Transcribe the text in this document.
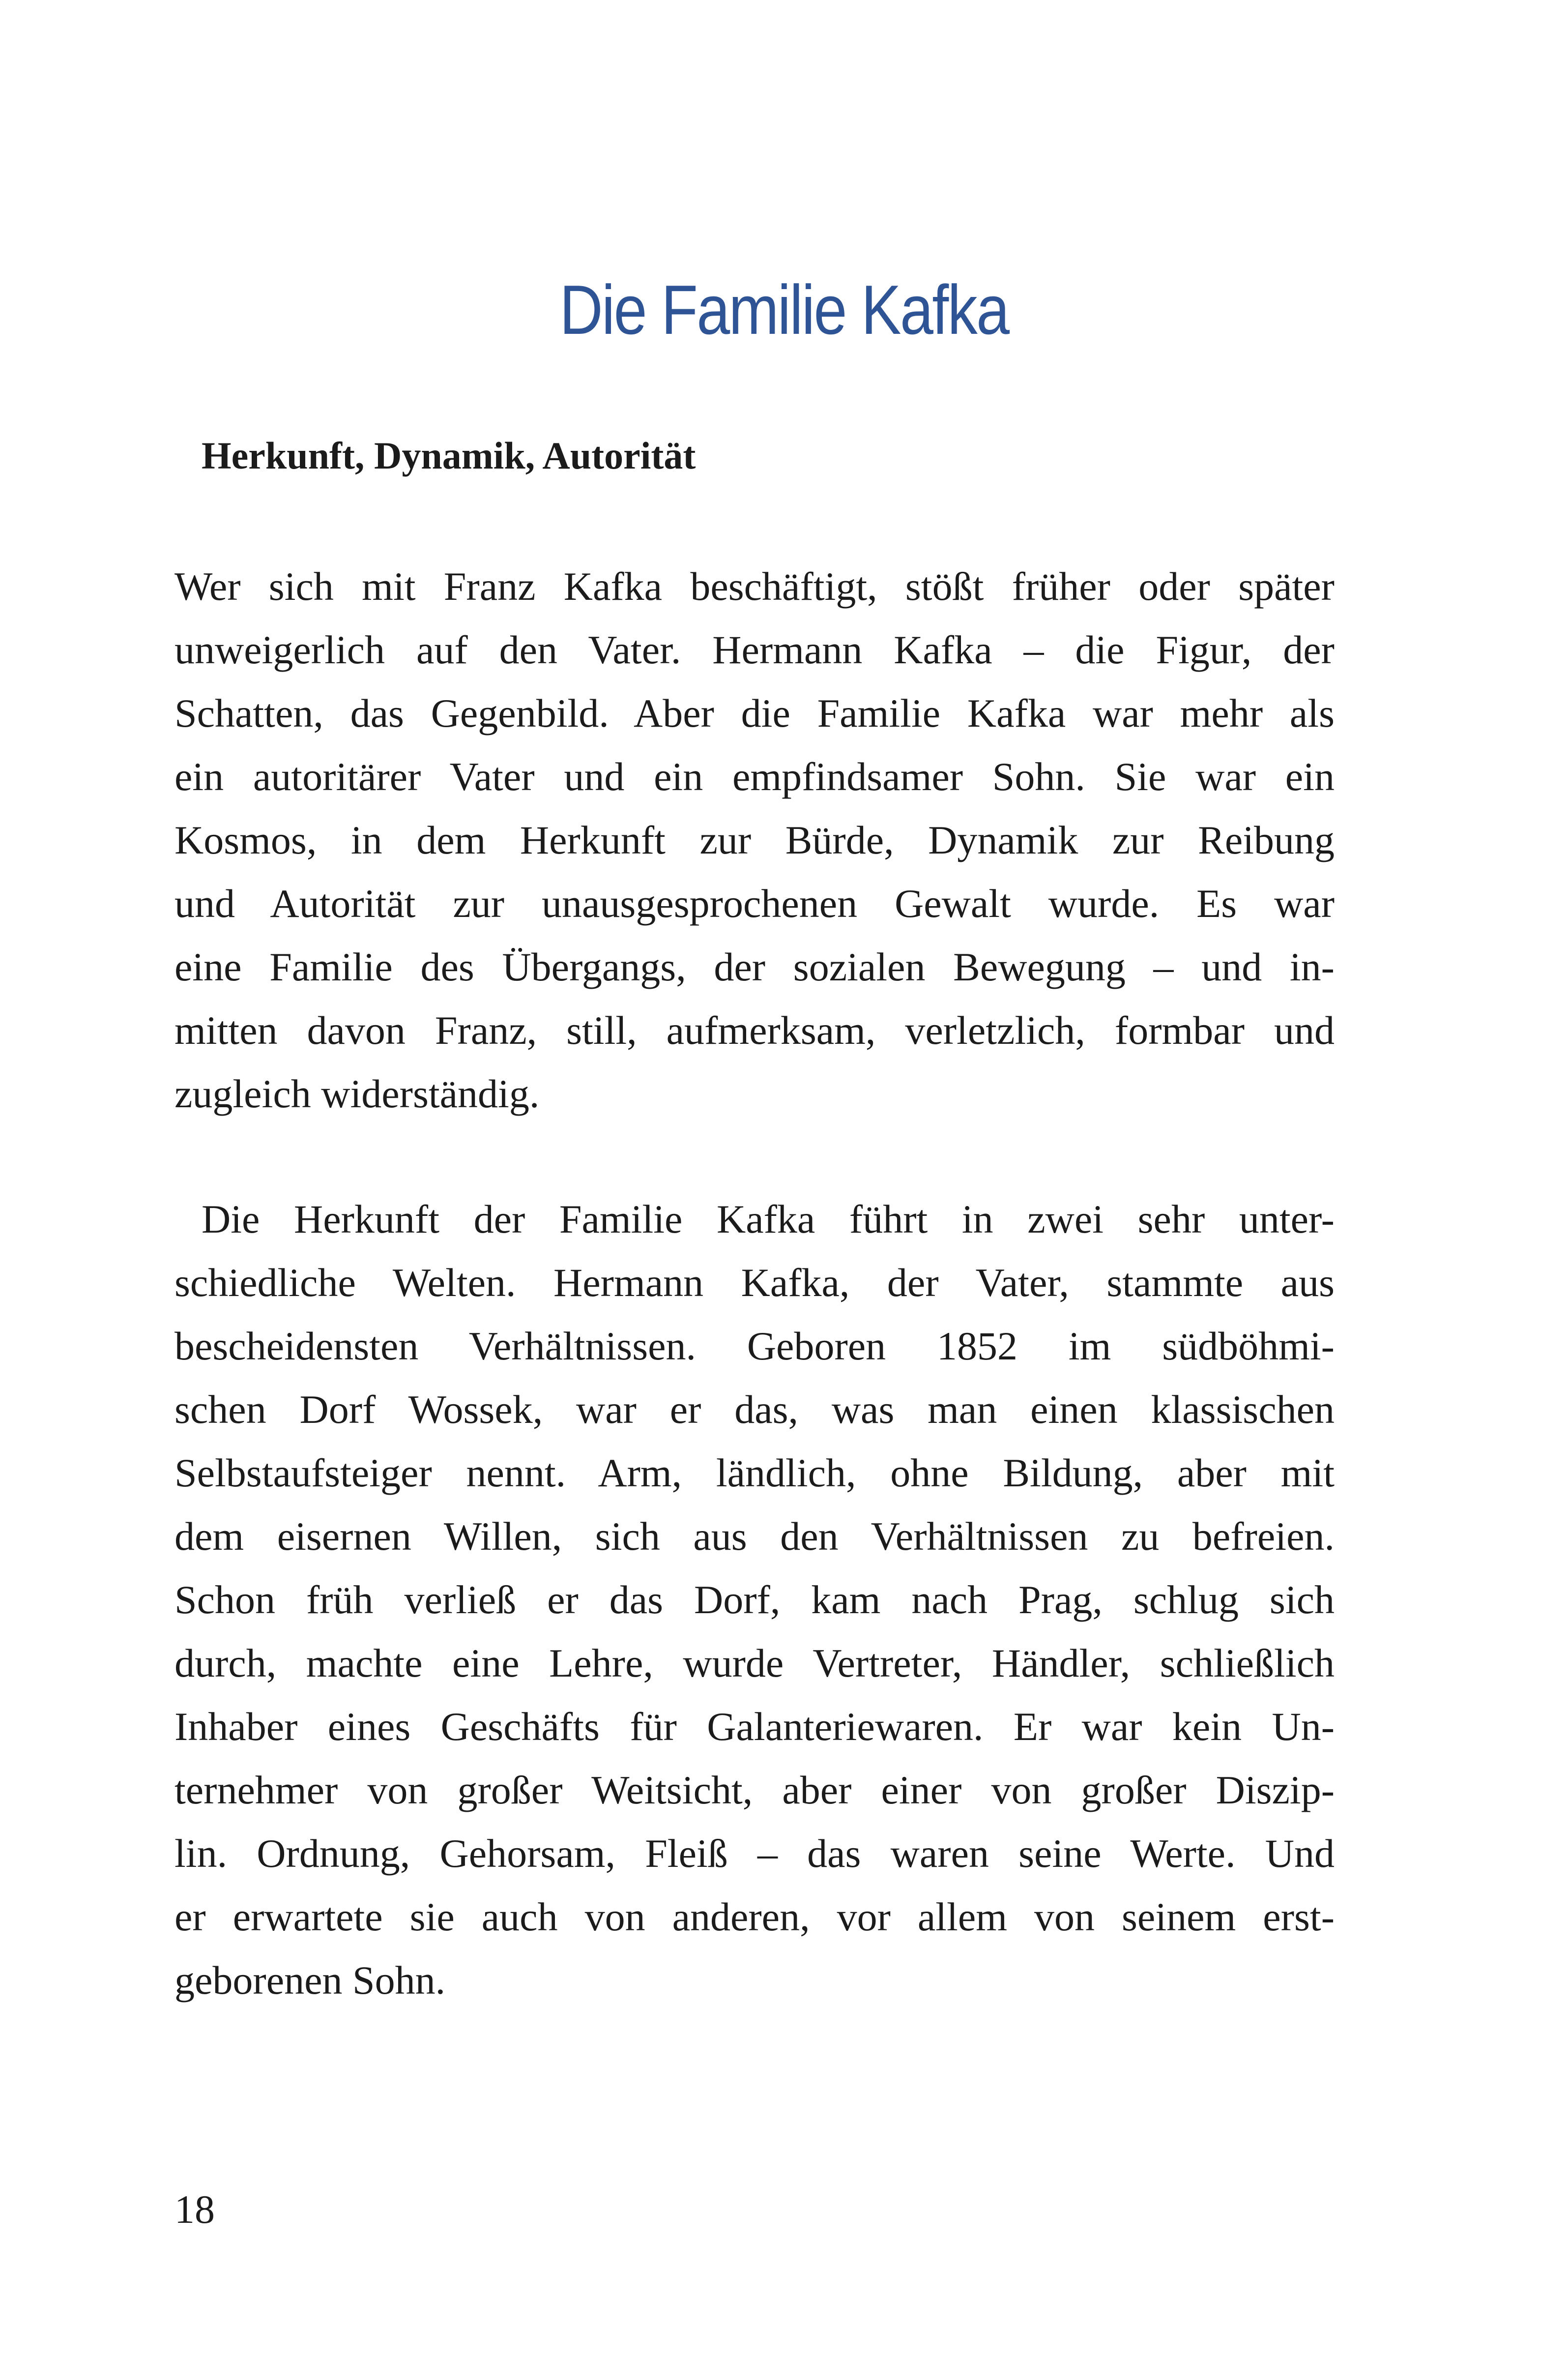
Die Familie Kafka
Herkunft, Dynamik, Autorität
Wer sich mit Franz Kafka beschäftigt, stößt früher oder später
unweigerlich auf den Vater. Hermann Kafka – die Figur, der
Schatten, das Gegenbild. Aber die Familie Kafka war mehr als
ein autoritärer Vater und ein empfindsamer Sohn. Sie war ein
Kosmos, in dem Herkunft zur Bürde, Dynamik zur Reibung
und Autorität zur unausgesprochenen Gewalt wurde. Es war
eine Familie des Übergangs, der sozialen Bewegung – und in-
mitten davon Franz, still, aufmerksam, verletzlich, formbar und
zugleich widerständig.
Die Herkunft der Familie Kafka führt in zwei sehr unter-
schiedliche Welten. Hermann Kafka, der Vater, stammte aus
bescheidensten Verhältnissen. Geboren 1852 im südböhmi-
schen Dorf Wossek, war er das, was man einen klassischen
Selbstaufsteiger nennt. Arm, ländlich, ohne Bildung, aber mit
dem eisernen Willen, sich aus den Verhältnissen zu befreien.
Schon früh verließ er das Dorf, kam nach Prag, schlug sich
durch, machte eine Lehre, wurde Vertreter, Händler, schließlich
Inhaber eines Geschäfts für Galanteriewaren. Er war kein Un-
ternehmer von großer Weitsicht, aber einer von großer Diszip-
lin. Ordnung, Gehorsam, Fleiß – das waren seine Werte. Und
er erwartete sie auch von anderen, vor allem von seinem erst-
geborenen Sohn.

18
